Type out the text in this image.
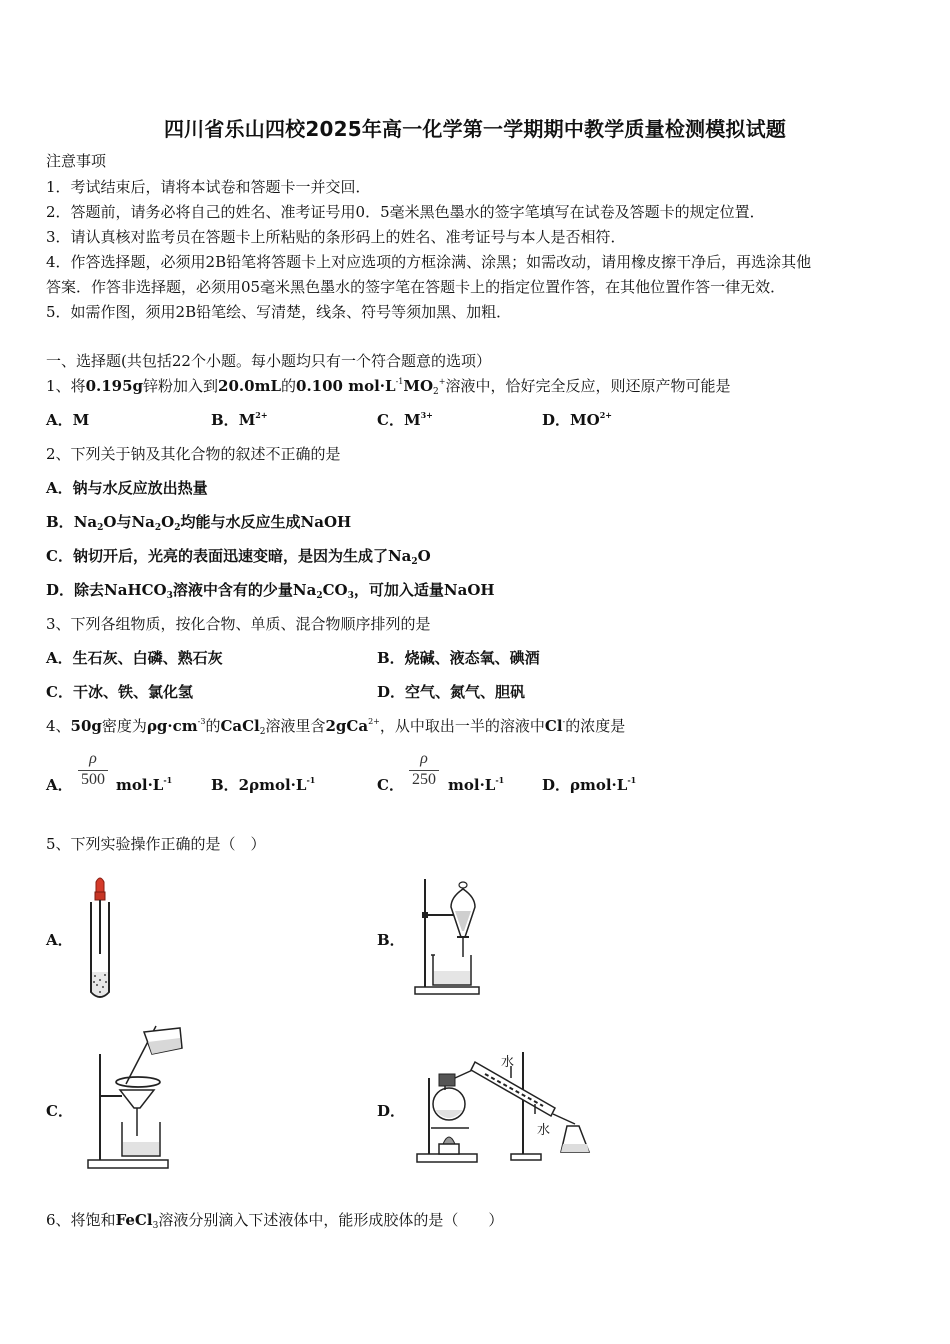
四川省乐山四校2025年高一化学第一学期期中教学质量检测模拟试题
注意事项
1．考试结束后，请将本试卷和答题卡一并交回．
2．答题前，请务必将自己的姓名、准考证号用0．5毫米黑色墨水的签字笔填写在试卷及答题卡的规定位置．
3．请认真核对监考员在答题卡上所粘贴的条形码上的姓名、准考证号与本人是否相符．
4．作答选择题，必须用2B铅笔将答题卡上对应选项的方框涂满、涂黑；如需改动，请用橡皮擦干净后，再选涂其他
答案．作答非选择题，必须用05毫米黑色墨水的签字笔在答题卡上的指定位置作答，在其他位置作答一律无效．
5．如需作图，须用2B铅笔绘、写清楚，线条、符号等须加黑、加粗．
一、选择题(共包括22个小题。每小题均只有一个符合题意的选项）
1、将0.195g锌粉加入到20.0mL的0.100 $mol\cdot L^{-1}MO_2^+$溶液中，恰好完全反应，则还原产物可能是
A．M	B．$M^{2+}$	C．$M^{3+}$	D．$MO^{2+}$
2、下列关于钠及其化合物的叙述不正确的是
A．钠与水反应放出热量
B．$Na_2O$与$Na_2O_2$均能与水反应生成NaOH
C．钠切开后，光亮的表面迅速变暗，是因为生成了$Na_2O$
D．除去NaHCO$_3$溶液中含有的少量$Na_2CO_3$，可加入适量NaOH
3、下列各组物质，按化合物、单质、混合物顺序排列的是
A．生石灰、白磷、熟石灰	B．烧碱、液态氧、碘酒
C．干冰、铁、氯化氢	D．空气、氮气、胆矾
4、50g密度为$\rho g\cdot cm^{-3}$的CaCl$_2$溶液里含2gCa$^{2+}$，从中取出一半的溶液中Cl-的浓度是
A．
ρ
500 $mol\cdot L^{-1}$	B．$2\rho mol\cdot L^{-1}$	C．
ρ
250 $mol\cdot L^{-1}$	D．$\rho mol\cdot L^{-1}$
5、下列实验操作正确的是（　）
A．	B．
C．	D．
水
水
6、将饱和FeCl$_3$溶液分别滴入下述液体中，能形成胶体的是（　　）
